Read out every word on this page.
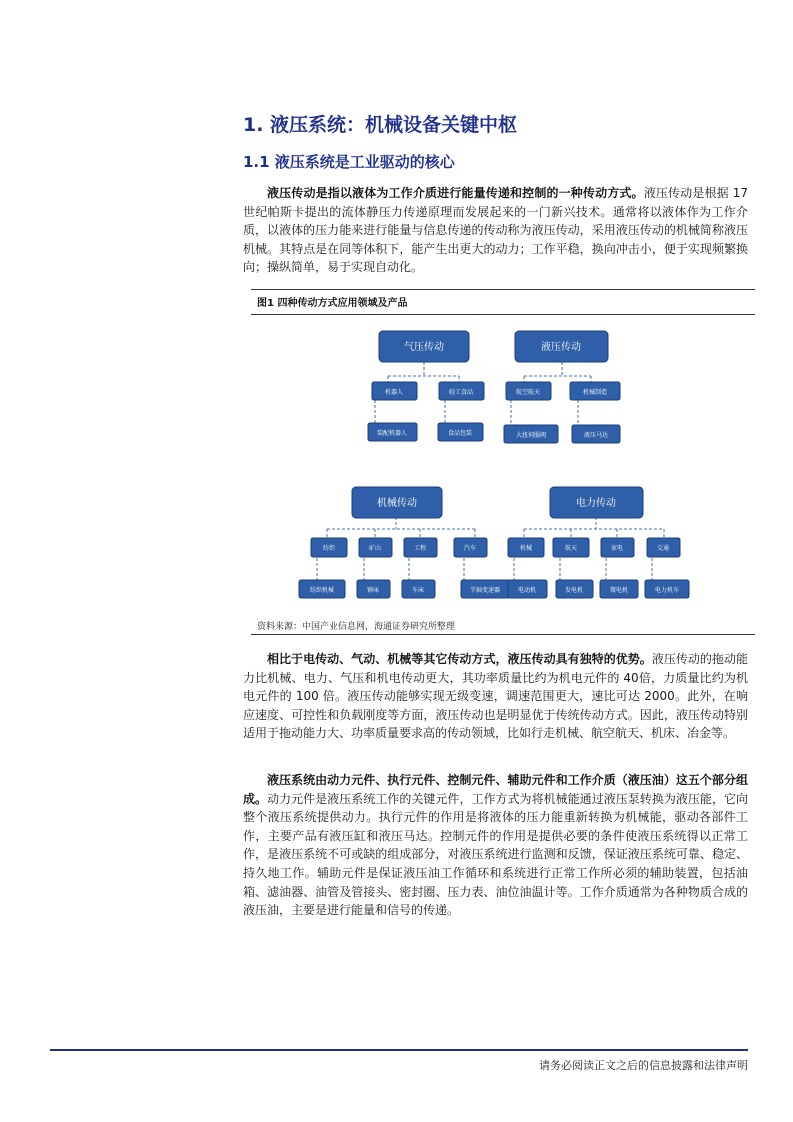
1. 液压系统：机械设备关键中枢
1.1 液压系统是工业驱动的核心

液压传动是指以液体为工作介质进行能量传递和控制的一种传动方式。液压传动是根据 17 世纪帕斯卡提出的流体静压力传递原理而发展起来的一门新兴技术。通常将以液体作为工作介质，以液体的压力能来进行能量与信息传递的传动称为液压传动，采用液压传动的机械简称液压机械。其特点是在同等体积下，能产生出更大的动力；工作平稳，换向冲击小，便于实现频繁换向；操纵简单，易于实现自动化。

图1 四种传动方式应用领域及产品
气压传动	液压传动
机械传动	电力传动
机器人	轻工食品	航空航天	机械制造
纺织	矿山	工程	汽车	机械	航天	家电	交通
装配机器人	食品包装	大扭伺服阀	液压马达
纺织机械	铆床	车床	半轴变速器	电动机	发电机	微电机	电力机车
资料来源：中国产业信息网，海通证券研究所整理

相比于电传动、气动、机械等其它传动方式，液压传动具有独特的优势。液压传动的拖动能力比机械、电力、气压和机电传动更大，其功率质量比约为机电元件的 40倍，力质量比约为机电元件的 100 倍。液压传动能够实现无级变速，调速范围更大，速比可达 2000。此外，在响应速度、可控性和负载刚度等方面，液压传动也是明显优于传统传动方式。因此，液压传动特别适用于拖动能力大、功率质量要求高的传动领域，比如行走机械、航空航天、机床、冶金等。

液压系统由动力元件、执行元件、控制元件、辅助元件和工作介质（液压油）这五个部分组成。动力元件是液压系统工作的关键元件，工作方式为将机械能通过液压泵转换为液压能，它向整个液压系统提供动力。执行元件的作用是将液体的压力能重新转换为机械能，驱动各部件工作，主要产品有液压缸和液压马达。控制元件的作用是提供必要的条件使液压系统得以正常工作，是液压系统不可或缺的组成部分，对液压系统进行监测和反馈，保证液压系统可靠、稳定、持久地工作。辅助元件是保证液压油工作循环和系统进行正常工作所必须的辅助装置，包括油箱、滤油器、油管及管接头、密封圈、压力表、油位油温计等。工作介质通常为各种物质合成的液压油，主要是进行能量和信号的传递。

请务必阅读正文之后的信息披露和法律声明
